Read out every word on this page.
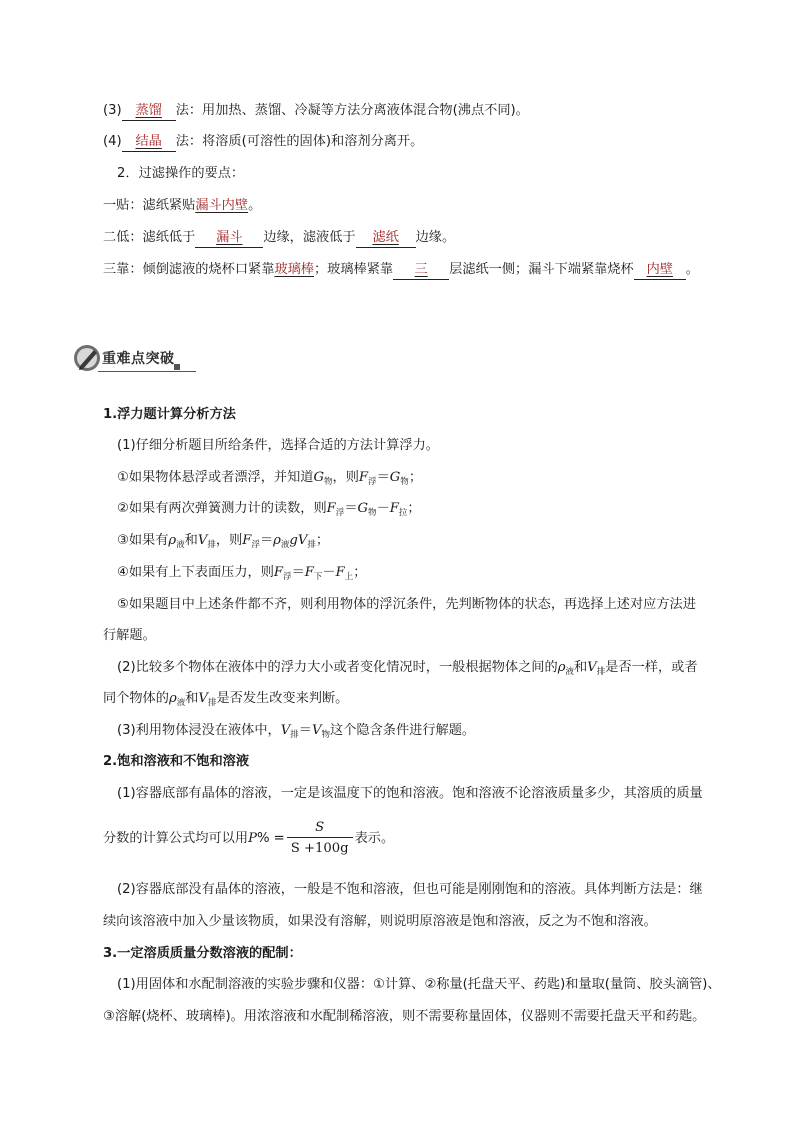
(3) 蒸馏 法：用加热、蒸馏、冷凝等方法分离液体混合物(沸点不同)。
(4) 结晶 法：将溶质(可溶性的固体)和溶剂分离开。
2．过滤操作的要点：
一贴：滤纸紧贴漏斗内壁。
二低：滤纸低于 漏斗 边缘，滤液低于 滤纸 边缘。
三靠：倾倒滤液的烧杯口紧靠玻璃棒；玻璃棒紧靠 三 层滤纸一侧；漏斗下端紧靠烧杯 内壁 。
重难点突破
1.浮力题计算分析方法
(1)仔细分析题目所给条件，选择合适的方法计算浮力。
①如果物体悬浮或者漂浮，并知道$G_物$，则$F_浮=G_物$；
②如果有两次弹簧测力计的读数，则$F_浮=G_物-F_拉$；
③如果有$\rho_液$和$V_排$，则$F_浮=\rho_液gV_排$；
④如果有上下表面压力，则$F_浮=F_下-F_上$；
⑤如果题目中上述条件都不齐，则利用物体的浮沉条件，先判断物体的状态，再选择上述对应方法进
行解题。
(2)比较多个物体在液体中的浮力大小或者变化情况时，一般根据物体之间的$\rho_液$和$V_排$是否一样，或者
同个物体的$\rho_液$和$V_排$是否发生改变来判断。
(3)利用物体浸没在液体中，$V_排=V_物$这个隐含条件进行解题。
2.饱和溶液和不饱和溶液
(1)容器底部有晶体的溶液，一定是该温度下的饱和溶液。饱和溶液不论溶液质量多少，其溶质的质量
分数的计算公式均可以用$P\% = \frac{S}{S +100g}$ 表示。
(2)容器底部没有晶体的溶液，一般是不饱和溶液，但也可能是刚刚饱和的溶液。具体判断方法是：继
续向该溶液中加入少量该物质，如果没有溶解，则说明原溶液是饱和溶液，反之为不饱和溶液。
3.一定溶质质量分数溶液的配制：
(1)用固体和水配制溶液的实验步骤和仪器：①计算、②称量(托盘天平、药匙)和量取(量筒、胶头滴管)、
③溶解(烧杯、玻璃棒)。用浓溶液和水配制稀溶液，则不需要称量固体，仪器则不需要托盘天平和药匙。
